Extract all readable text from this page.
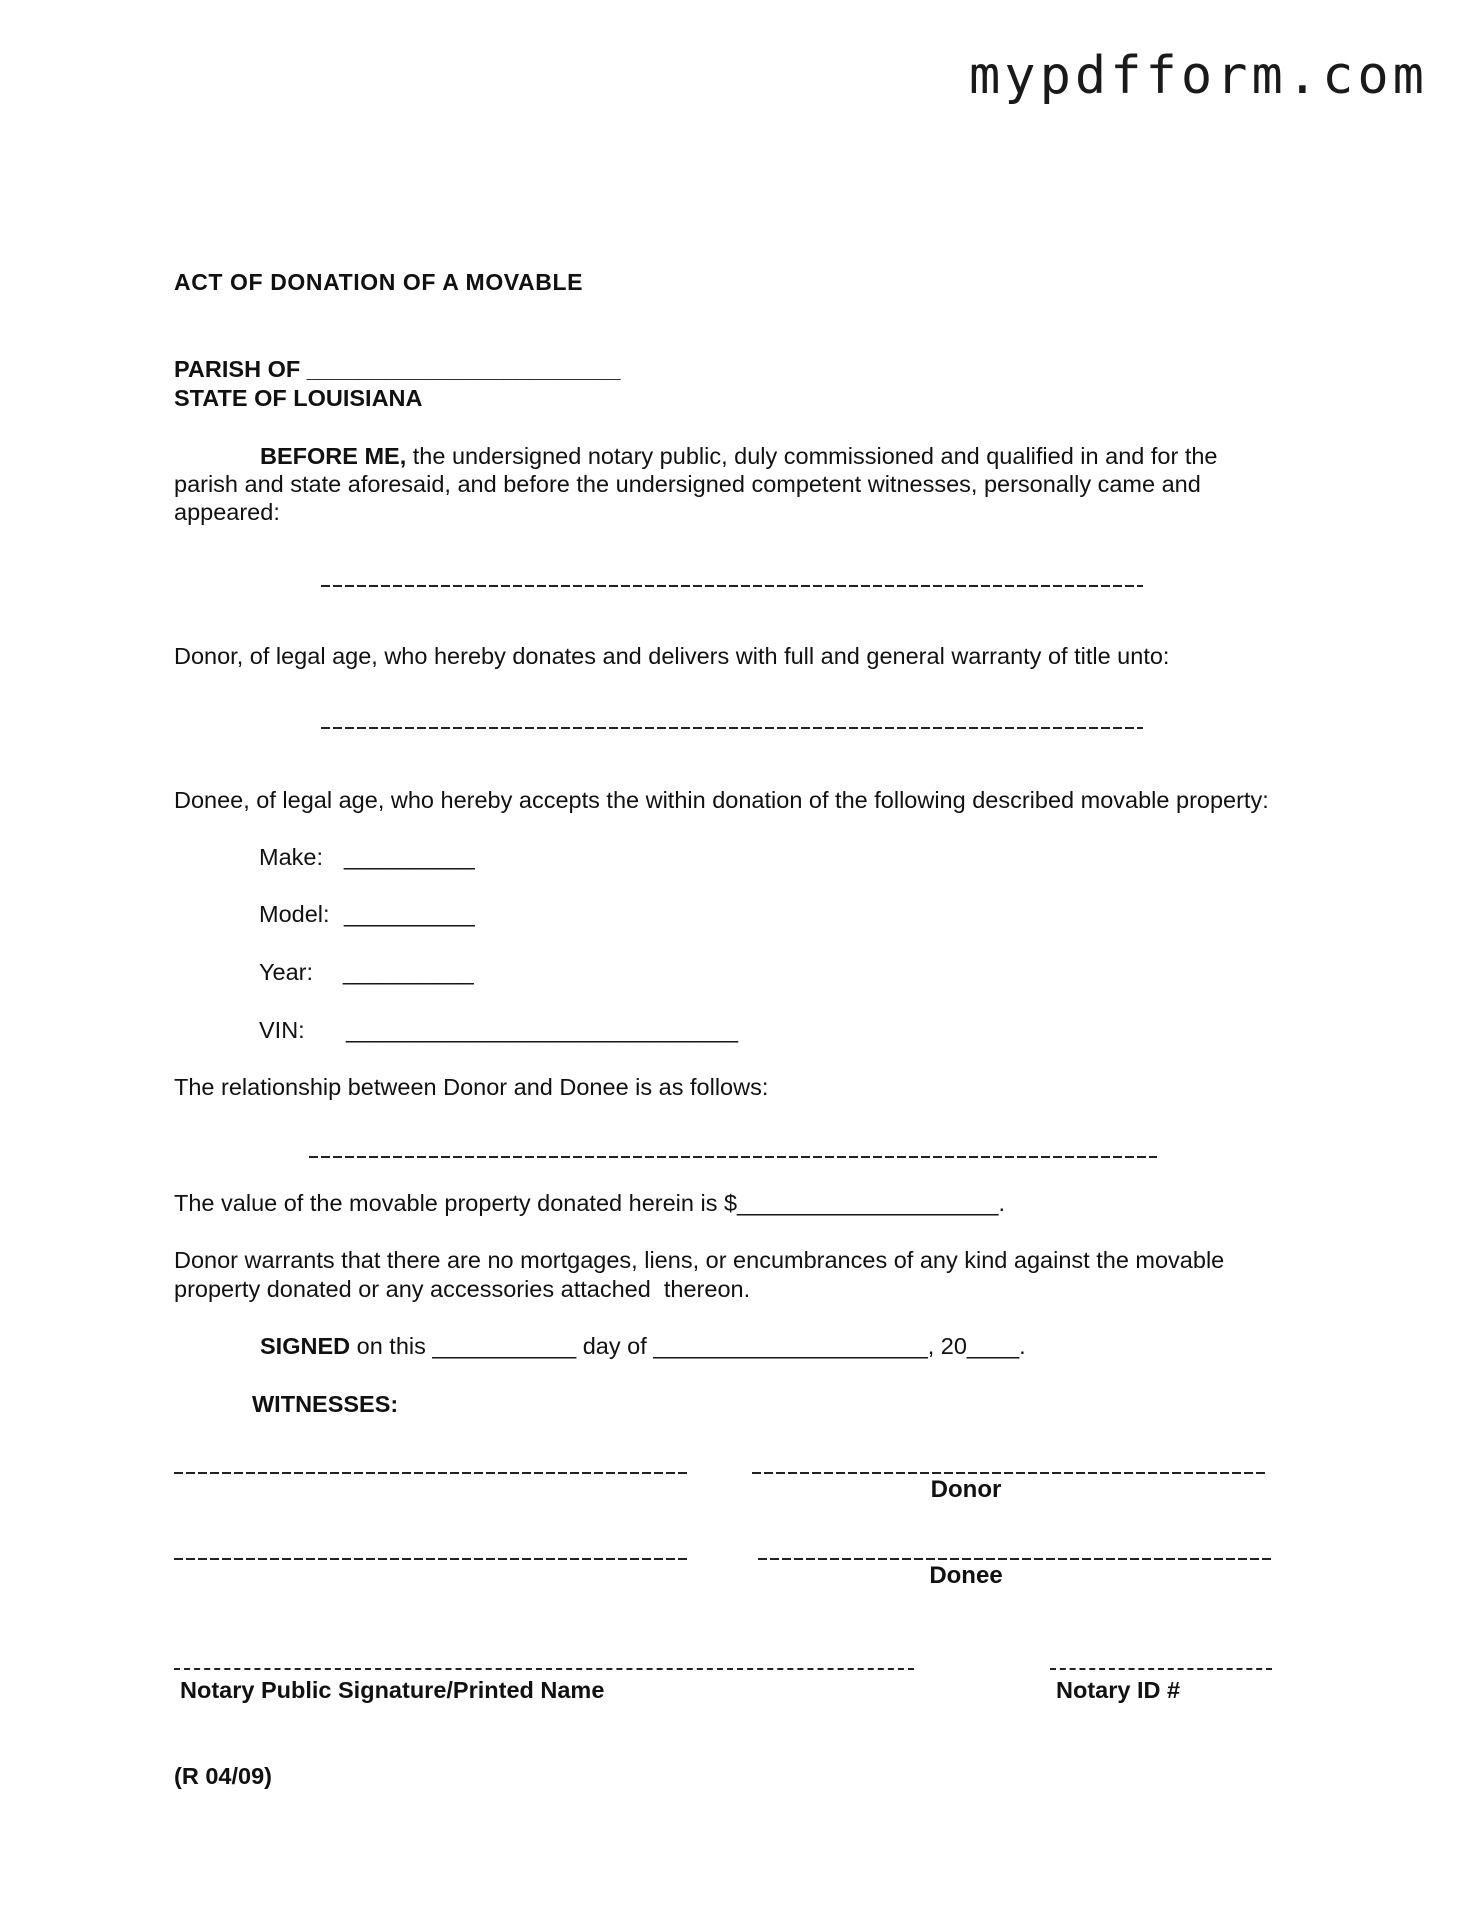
mypdfform.com
ACT OF DONATION OF A MOVABLE
PARISH OF ________________________
STATE OF LOUISIANA
BEFORE ME, the undersigned notary public, duly commissioned and qualified in and for the
parish and state aforesaid, and before the undersigned competent witnesses, personally came and
appeared:
Donor, of legal age, who hereby donates and delivers with full and general warranty of title unto:
Donee, of legal age, who hereby accepts the within donation of the following described movable property:
Make: __________
Model: __________
Year: __________
VIN: ______________________________
The relationship between Donor and Donee is as follows:
The value of the movable property donated herein is $____________________.
Donor warrants that there are no mortgages, liens, or encumbrances of any kind against the movable
property donated or any accessories attached  thereon.
SIGNED on this ___________ day of _____________________, 20____.
WITNESSES:
Donor
Donee
Notary Public Signature/Printed Name	Notary ID #
(R 04/09)
